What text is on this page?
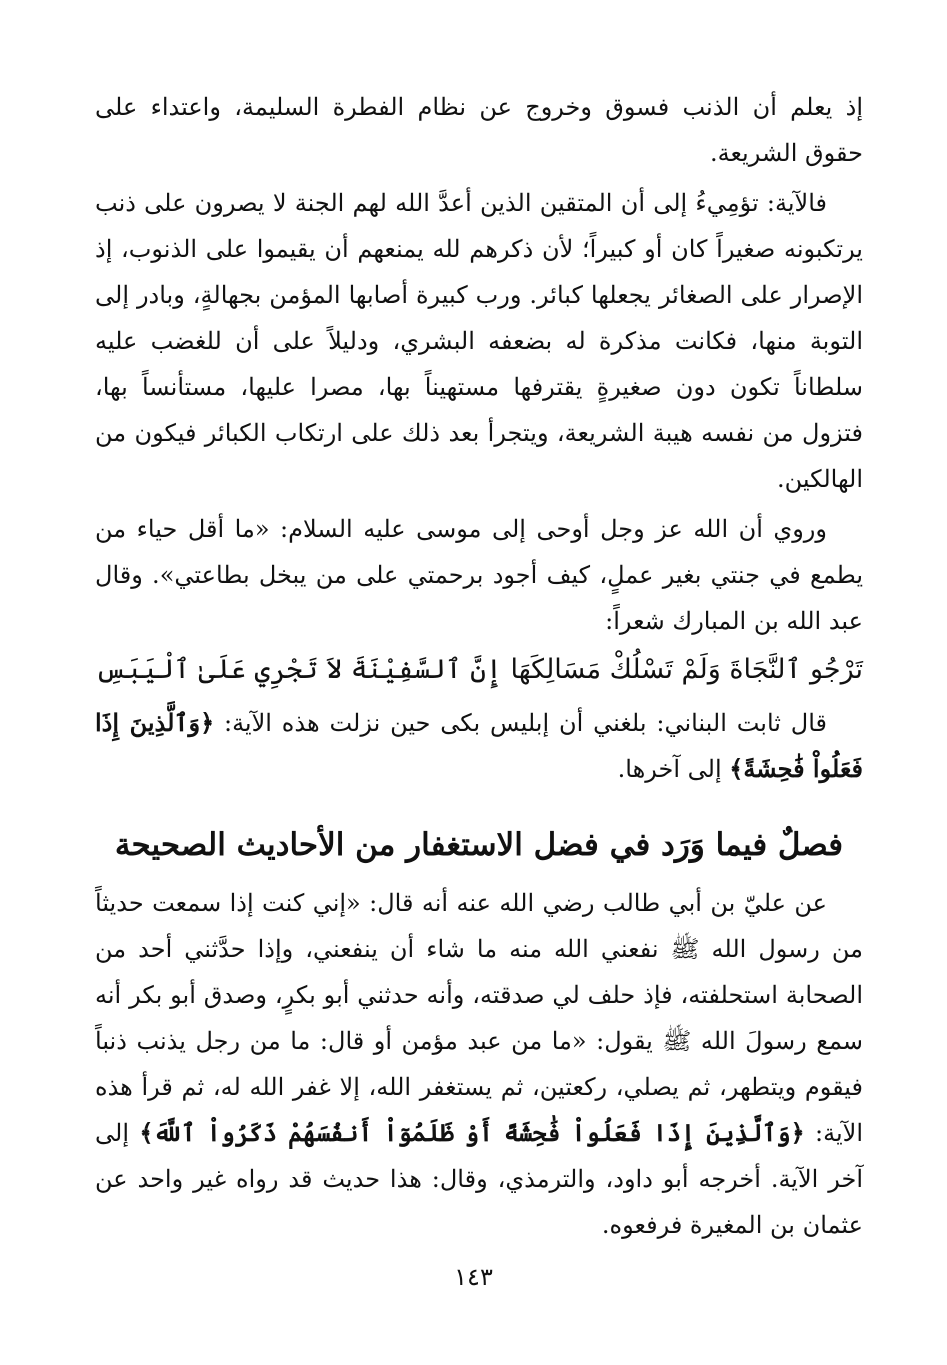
إذ يعلم أن الذنب فسوق وخروج عن نظام الفطرة السليمة، واعتداء على حقوق الشريعة.

فالآية: تؤمِيءُ إلى أن المتقين الذين أعدَّ الله لهم الجنة لا يصرون على ذنب يرتكبونه صغيراً كان أو كبيراً؛ لأن ذكرهم لله يمنعهم أن يقيموا على الذنوب، إذ الإصرار على الصغائر يجعلها كبائر. ورب كبيرة أصابها المؤمن بجهالةٍ، وبادر إلى التوبة منها، فكانت مذكرة له بضعفه البشري، ودليلاً على أن للغضب عليه سلطاناً تكون دون صغيرةٍ يقترفها مستهيناً بها، مصرا عليها، مستأنساً بها، فتزول من نفسه هيبة الشريعة، ويتجرأ بعد ذلك على ارتكاب الكبائر فيكون من الهالكين.

وروي أن الله عز وجل أوحى إلى موسى عليه السلام: «ما أقل حياء من يطمع في جنتي بغير عملٍ، كيف أجود برحمتي على من يبخل بطاعتي». وقال عبد الله بن المبارك شعراً:

تَرْجُو ٱلنَّجَاةَ وَلَمْ تَسْلُكْ مَسَالِكَهَا
إِنَّ ٱلسَّفِيْنَةَ لاَ تَجْرِي عَلَىٰ ٱلْيَبَسِ

قال ثابت البناني: بلغني أن إبليس بكى حين نزلت هذه الآية: ﴿وَٱلَّذِينَ إِذَا فَعَلُواْ فَٰحِشَةً﴾ إلى آخرها.

فصلٌ فيما وَرَد في فضل الاستغفار من الأحاديث الصحيحة

عن عليّ بن أبي طالب رضي الله عنه أنه قال: «إني كنت إذا سمعت حديثاً من رسول الله ﷺ نفعني الله منه ما شاء أن ينفعني، وإذا حدَّثني أحد من الصحابة استحلفته، فإذ حلف لي صدقته، وأنه حدثني أبو بكرٍ، وصدق أبو بكر أنه سمع رسولَ الله ﷺ يقول: «ما من عبد مؤمن أو قال: ما من رجل يذنب ذنباً فيقوم ويتطهر، ثم يصلي، ركعتين، ثم يستغفر الله، إلا غفر الله له، ثم قرأ هذه الآية: ﴿وَٱلَّذِينَ إِذَا فَعَلُواْ فَٰحِشَةً أَوْ ظَلَمُوٓاْ أَنفُسَهُمْ ذَكَرُواْ ٱللَّهَ﴾ إلى آخر الآية. أخرجه أبو داود، والترمذي، وقال: هذا حديث قد رواه غير واحد عن عثمان بن المغيرة فرفعوه.

١٤٣
